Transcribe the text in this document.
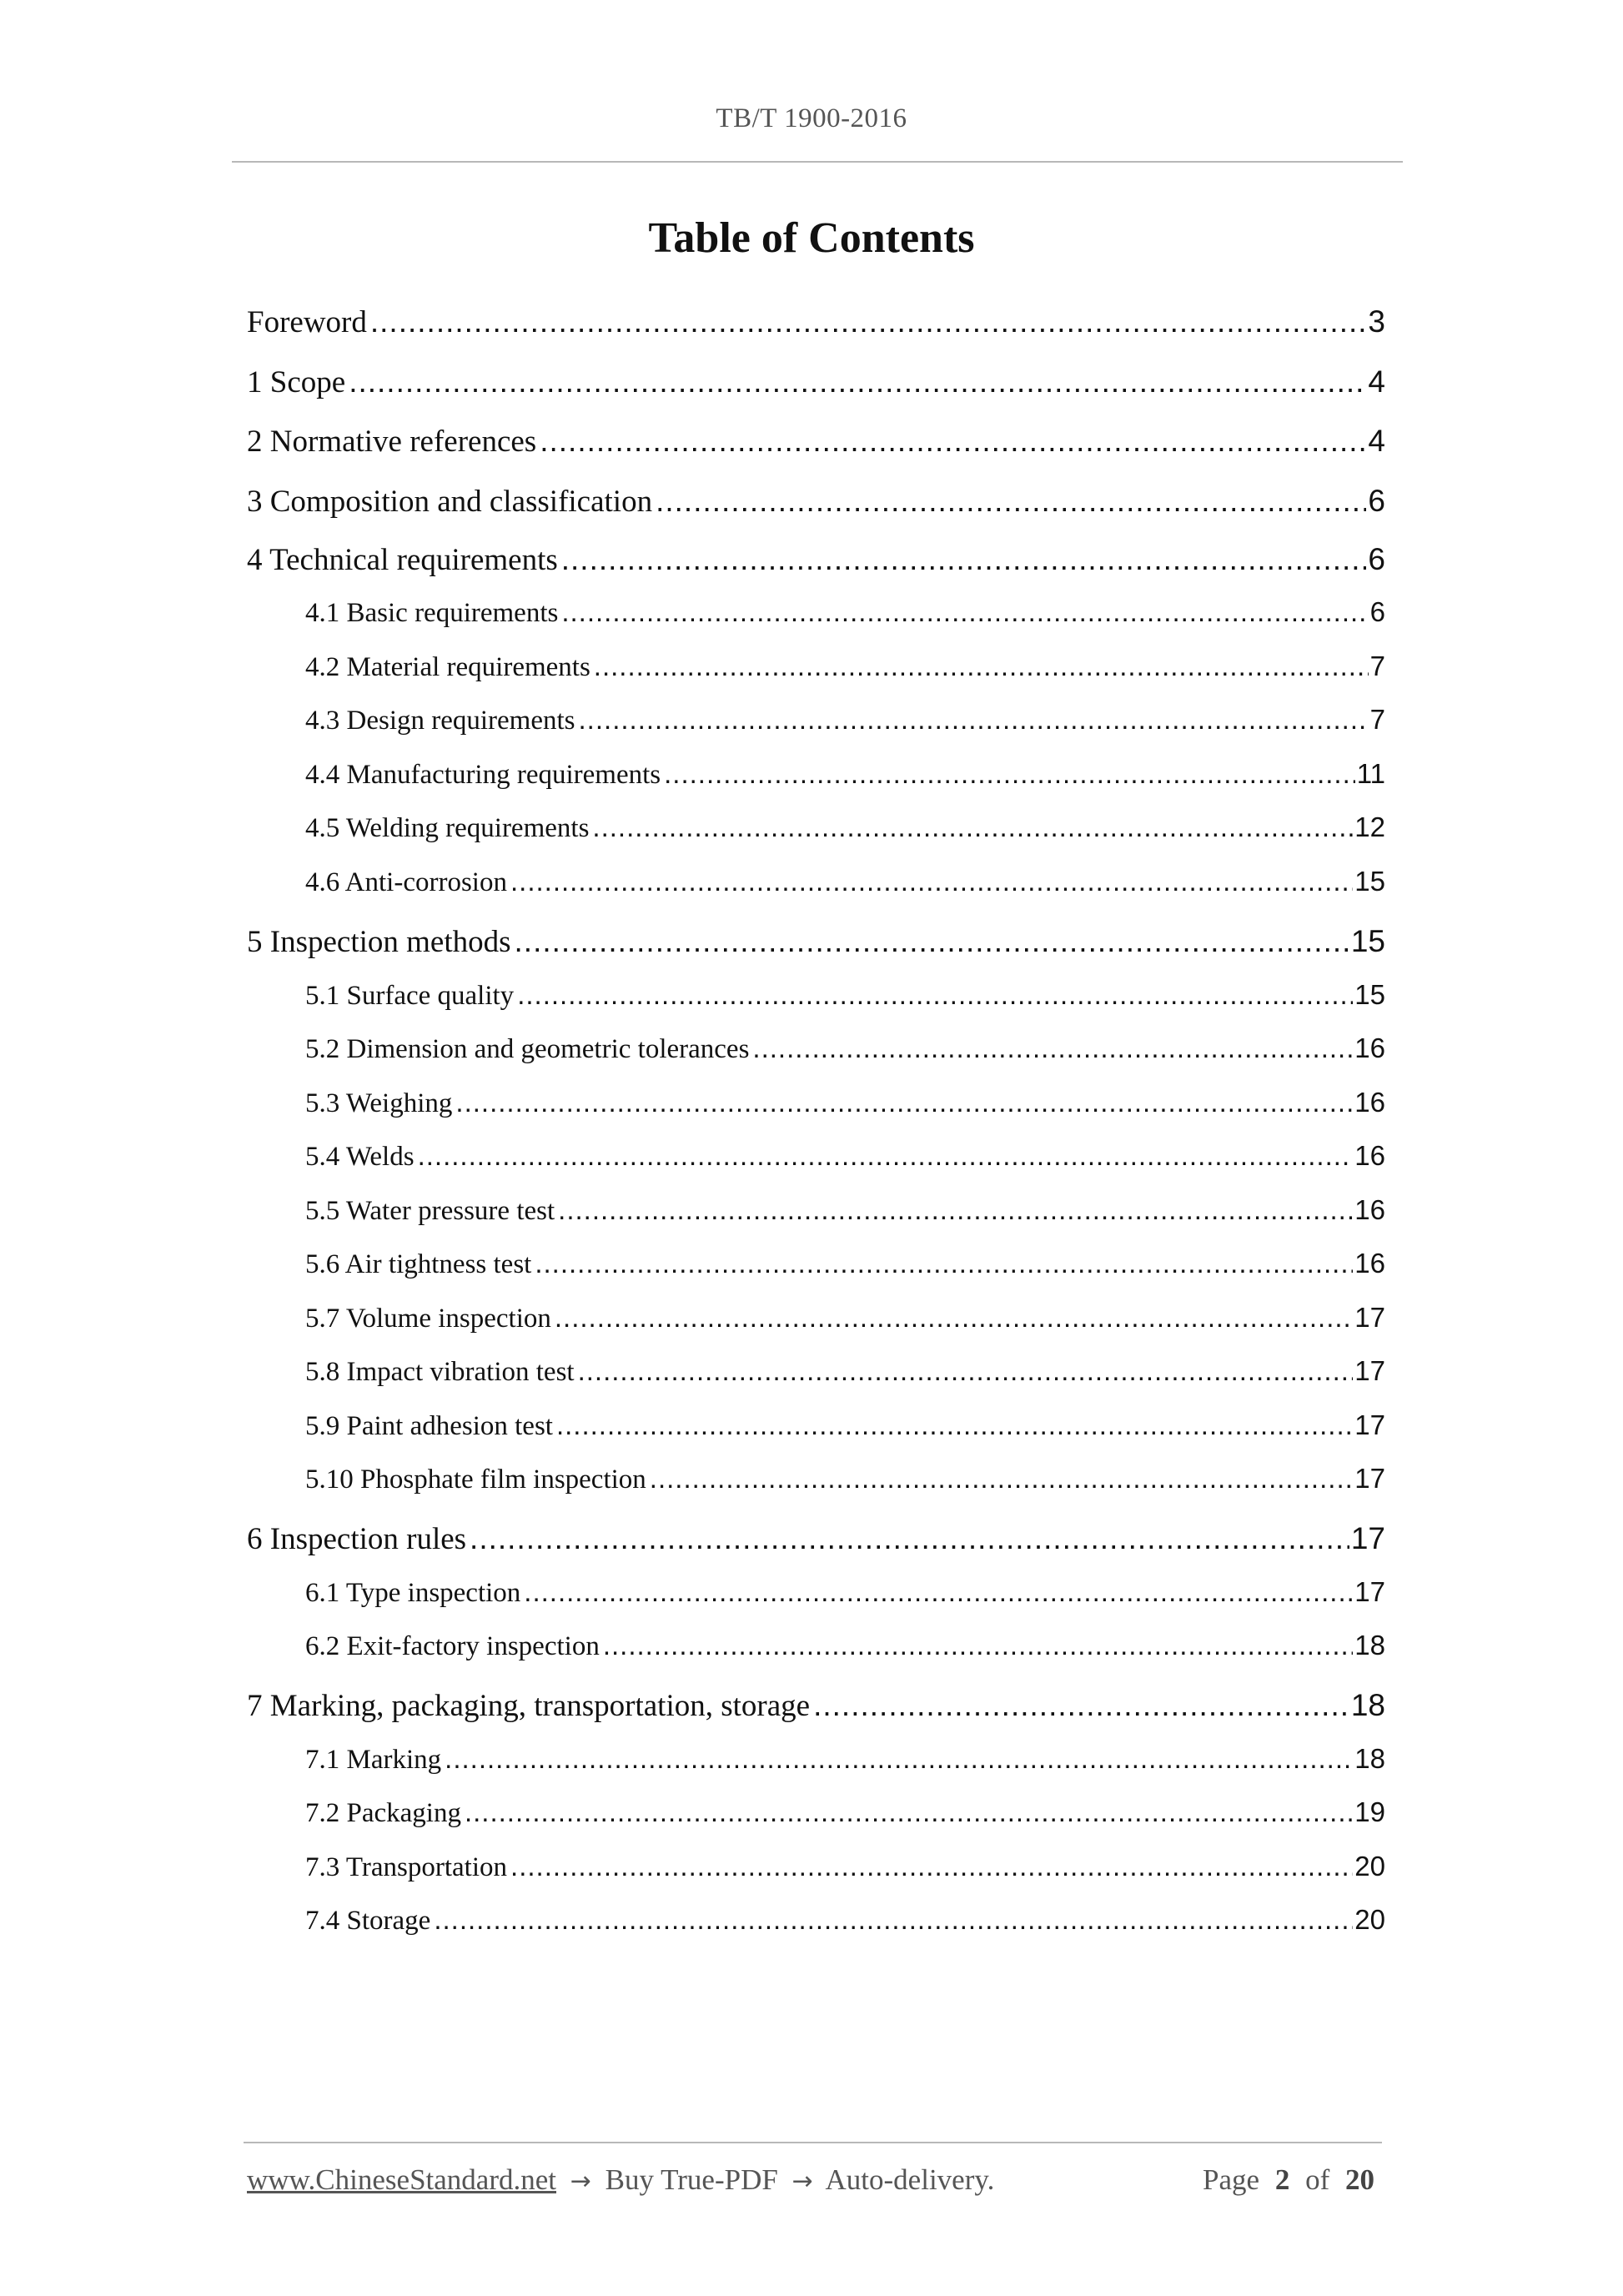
TB/T 1900-2016
Table of Contents
Foreword .....	3
1 Scope .....	4
2 Normative references .....	4
3 Composition and classification .....	6
4 Technical requirements .....	6
4.1 Basic requirements .....	6
4.2 Material requirements .....	7
4.3 Design requirements .....	7
4.4 Manufacturing requirements .....	11
4.5 Welding requirements .....	12
4.6 Anti-corrosion .....	15
5 Inspection methods .....	15
5.1 Surface quality .....	15
5.2 Dimension and geometric tolerances .....	16
5.3 Weighing .....	16
5.4 Welds .....	16
5.5 Water pressure test .....	16
5.6 Air tightness test .....	16
5.7 Volume inspection .....	17
5.8 Impact vibration test .....	17
5.9 Paint adhesion test .....	17
5.10 Phosphate film inspection .....	17
6 Inspection rules .....	17
6.1 Type inspection .....	17
6.2 Exit-factory inspection .....	18
7 Marking, packaging, transportation, storage .....	18
7.1 Marking .....	18
7.2 Packaging .....	19
7.3 Transportation .....	20
7.4 Storage .....	20
www.ChineseStandard.net → Buy True-PDF → Auto-delivery.	Page 2 of 20
